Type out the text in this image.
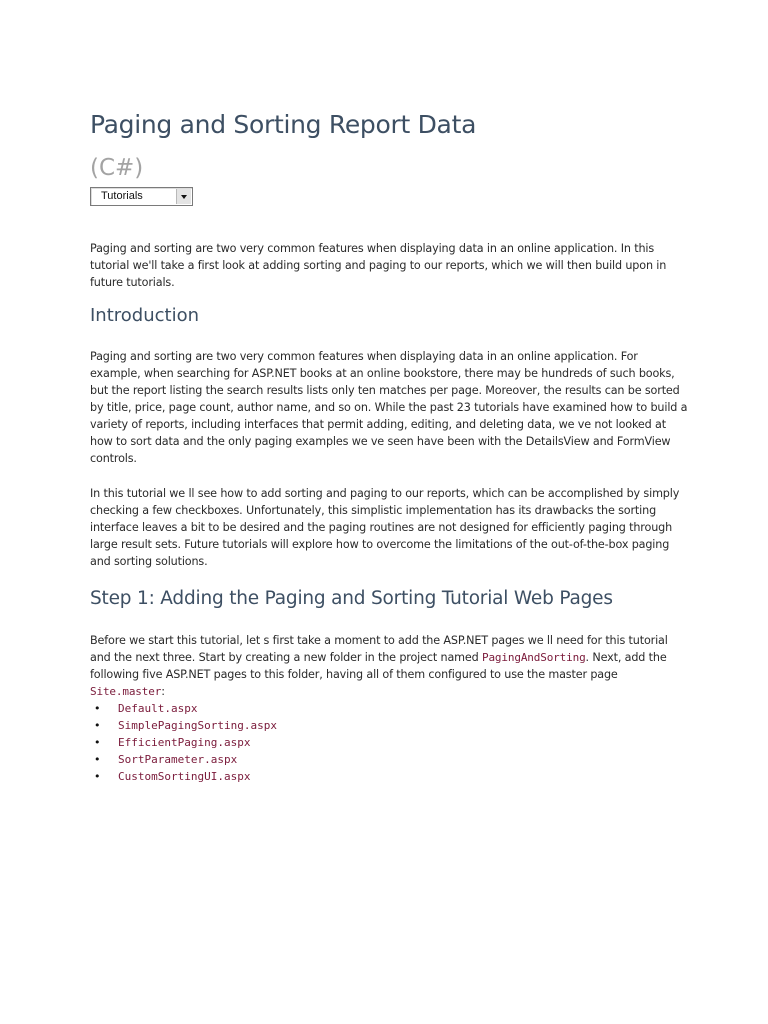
Paging and Sorting Report Data
(C#)
Tutorials

Paging and sorting are two very common features when displaying data in an online application. In this tutorial we'll take a first look at adding sorting and paging to our reports, which we will then build upon in future tutorials.

Introduction

Paging and sorting are two very common features when displaying data in an online application. For example, when searching for ASP.NET books at an online bookstore, there may be hundreds of such books, but the report listing the search results lists only ten matches per page. Moreover, the results can be sorted by title, price, page count, author name, and so on. While the past 23 tutorials have examined how to build a variety of reports, including interfaces that permit adding, editing, and deleting data, we ve not looked at how to sort data and the only paging examples we ve seen have been with the DetailsView and FormView controls.

In this tutorial we ll see how to add sorting and paging to our reports, which can be accomplished by simply checking a few checkboxes. Unfortunately, this simplistic implementation has its drawbacks the sorting interface leaves a bit to be desired and the paging routines are not designed for efficiently paging through large result sets. Future tutorials will explore how to overcome the limitations of the out-of-the-box paging and sorting solutions.

Step 1: Adding the Paging and Sorting Tutorial Web Pages

Before we start this tutorial, let s first take a moment to add the ASP.NET pages we ll need for this tutorial and the next three. Start by creating a new folder in the project named PagingAndSorting. Next, add the following five ASP.NET pages to this folder, having all of them configured to use the master page Site.master:

• Default.aspx
• SimplePagingSorting.aspx
• EfficientPaging.aspx
• SortParameter.aspx
• CustomSortingUI.aspx
